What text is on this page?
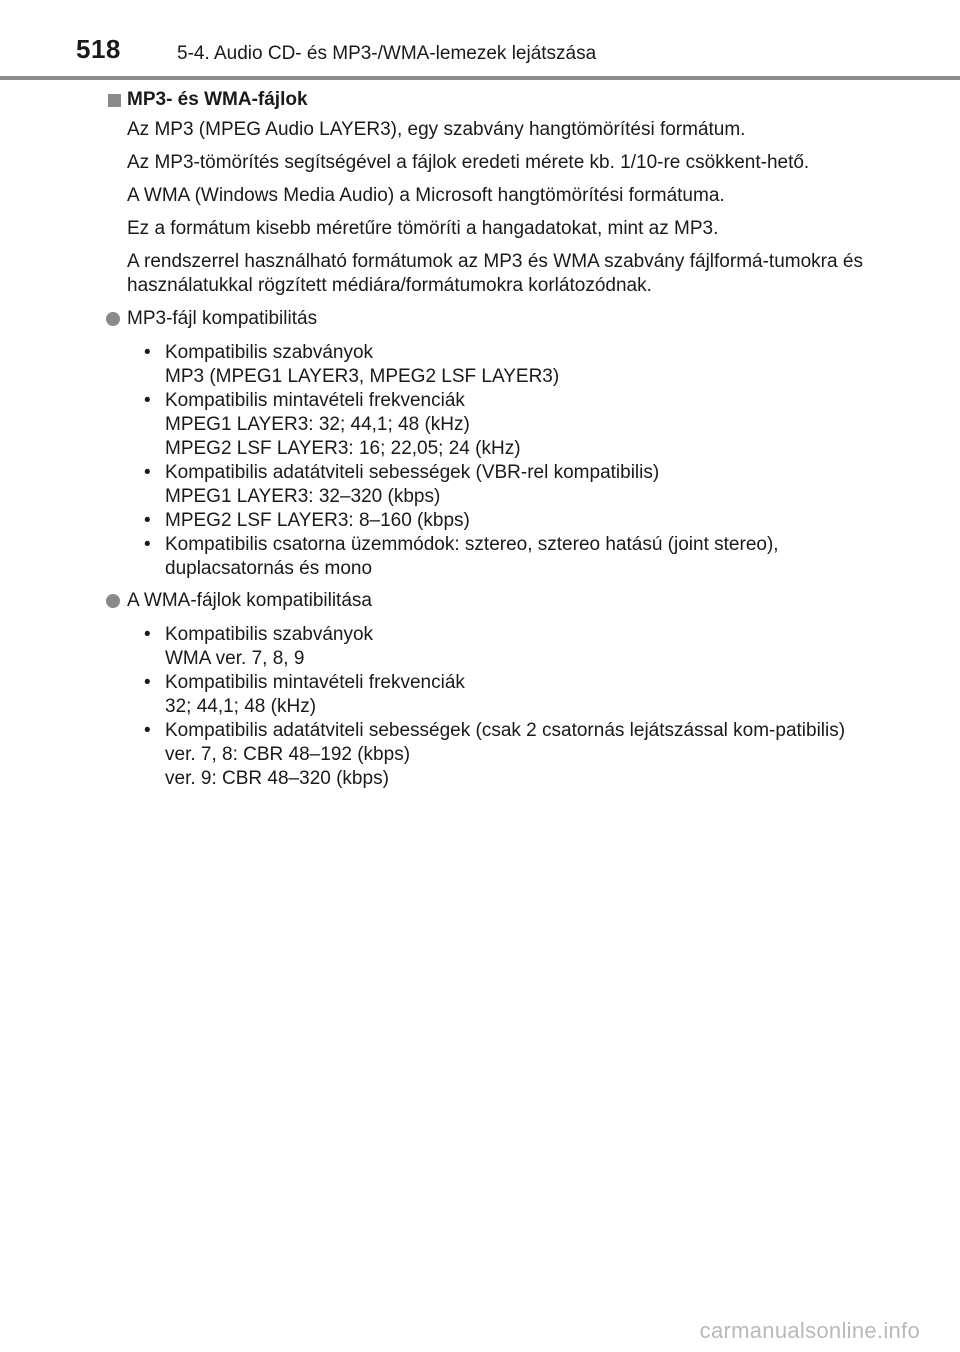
518	5-4. Audio CD- és MP3-/WMA-lemezek lejátszása
MP3- és WMA-fájlok
Az MP3 (MPEG Audio LAYER3), egy szabvány hangtömörítési formátum.
Az MP3-tömörítés segítségével a fájlok eredeti mérete kb. 1/10-re csökkent-hető.
A WMA (Windows Media Audio) a Microsoft hangtömörítési formátuma.
Ez a formátum kisebb méretűre tömöríti a hangadatokat, mint az MP3.
A rendszerrel használható formátumok az MP3 és WMA szabvány fájlformá-tumokra és használatukkal rögzített médiára/formátumokra korlátozódnak.
MP3-fájl kompatibilitás
• Kompatibilis szabványok
MP3 (MPEG1 LAYER3, MPEG2 LSF LAYER3)
• Kompatibilis mintavételi frekvenciák
MPEG1 LAYER3: 32; 44,1; 48 (kHz)
MPEG2 LSF LAYER3: 16; 22,05; 24 (kHz)
• Kompatibilis adatátviteli sebességek (VBR-rel kompatibilis)
MPEG1 LAYER3: 32–320 (kbps)
• MPEG2 LSF LAYER3: 8–160 (kbps)
• Kompatibilis csatorna üzemmódok: sztereo, sztereo hatású (joint stereo),
duplacsatornás és mono
A WMA-fájlok kompatibilitása
• Kompatibilis szabványok
WMA ver. 7, 8, 9
• Kompatibilis mintavételi frekvenciák
32; 44,1; 48 (kHz)
• Kompatibilis adatátviteli sebességek (csak 2 csatornás lejátszással kom-patibilis)
ver. 7, 8: CBR 48–192 (kbps)
ver. 9: CBR 48–320 (kbps)
carmanualsonline.info
